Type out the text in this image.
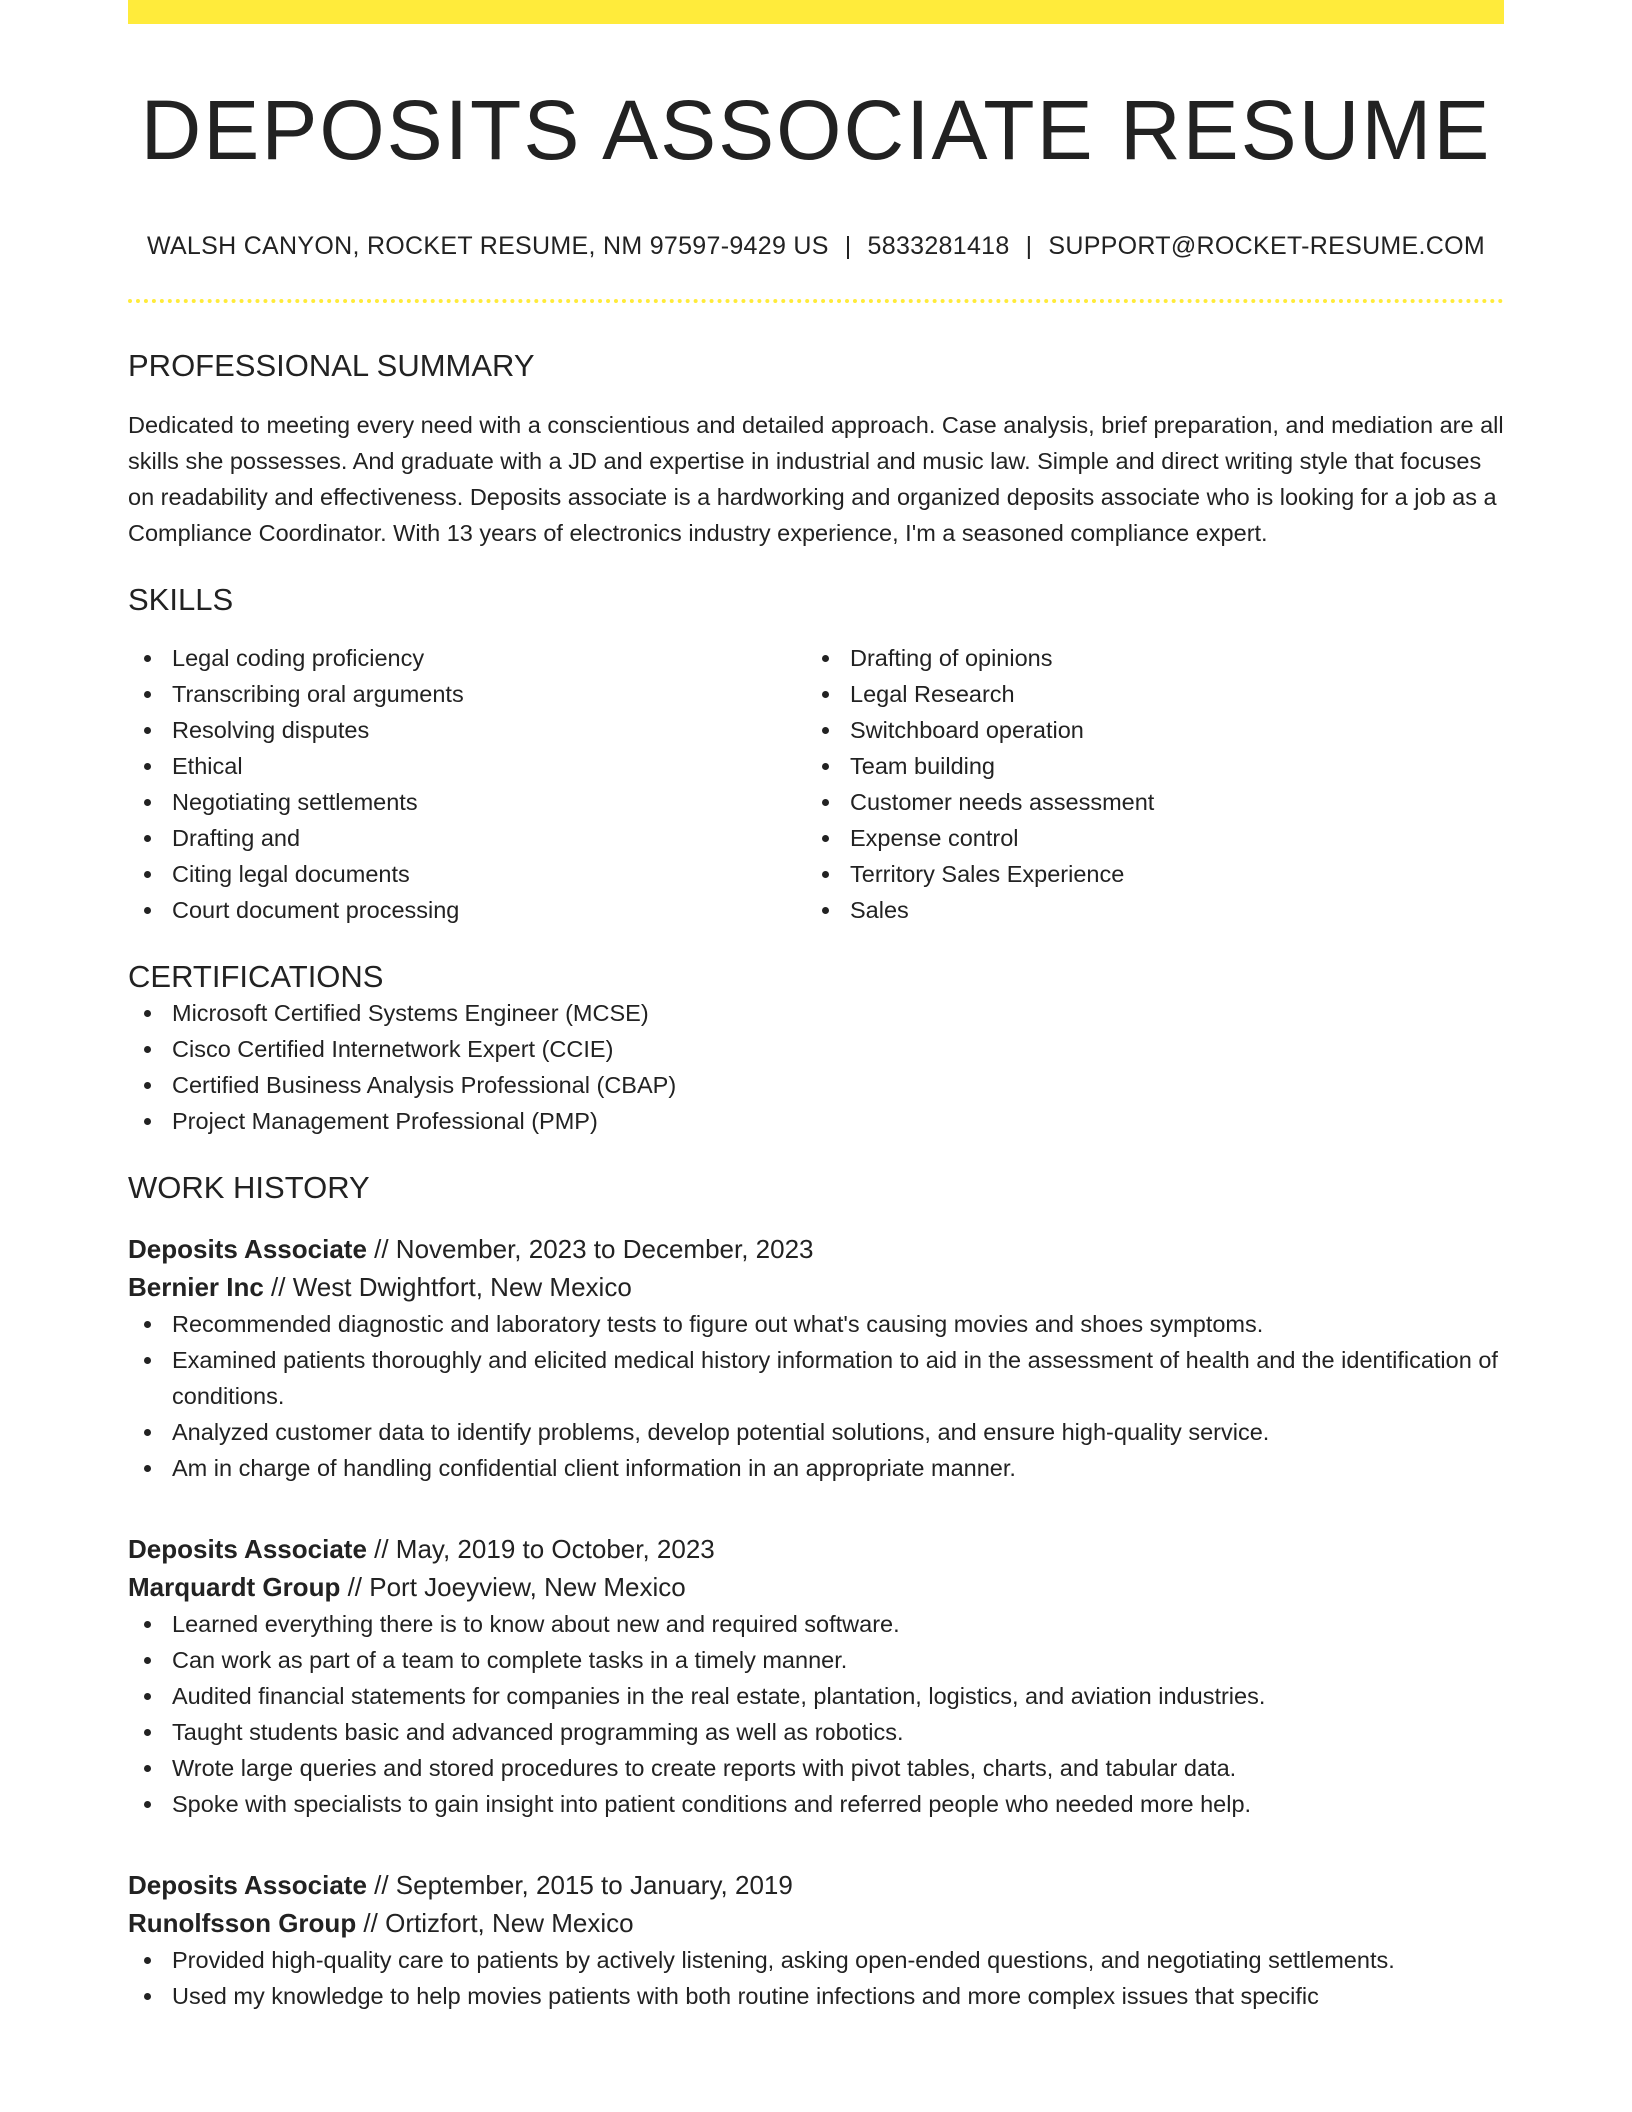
DEPOSITS ASSOCIATE RESUME
WALSH CANYON, ROCKET RESUME, NM 97597-9429 US | 5833281418 | SUPPORT@ROCKET-RESUME.COM
PROFESSIONAL SUMMARY

Dedicated to meeting every need with a conscientious and detailed approach. Case analysis, brief preparation, and mediation are all skills she possesses. And graduate with a JD and expertise in industrial and music law. Simple and direct writing style that focuses on readability and effectiveness. Deposits associate is a hardworking and organized deposits associate who is looking for a job as a Compliance Coordinator. With 13 years of electronics industry experience, I'm a seasoned compliance expert.

SKILLS
Legal coding proficiency
Transcribing oral arguments
Resolving disputes
Ethical
Negotiating settlements
Drafting and
Citing legal documents
Court document processing
Drafting of opinions
Legal Research
Switchboard operation
Team building
Customer needs assessment
Expense control
Territory Sales Experience
Sales
CERTIFICATIONS
Microsoft Certified Systems Engineer (MCSE)
Cisco Certified Internetwork Expert (CCIE)
Certified Business Analysis Professional (CBAP)
Project Management Professional (PMP)
WORK HISTORY
Deposits Associate // November, 2023 to December, 2023
Bernier Inc // West Dwightfort, New Mexico
Recommended diagnostic and laboratory tests to figure out what's causing movies and shoes symptoms.
Examined patients thoroughly and elicited medical history information to aid in the assessment of health and the identification of conditions.
Analyzed customer data to identify problems, develop potential solutions, and ensure high-quality service.
Am in charge of handling confidential client information in an appropriate manner.
Deposits Associate // May, 2019 to October, 2023
Marquardt Group // Port Joeyview, New Mexico
Learned everything there is to know about new and required software.
Can work as part of a team to complete tasks in a timely manner.
Audited financial statements for companies in the real estate, plantation, logistics, and aviation industries.
Taught students basic and advanced programming as well as robotics.
Wrote large queries and stored procedures to create reports with pivot tables, charts, and tabular data.
Spoke with specialists to gain insight into patient conditions and referred people who needed more help.
Deposits Associate // September, 2015 to January, 2019
Runolfsson Group // Ortizfort, New Mexico
Provided high-quality care to patients by actively listening, asking open-ended questions, and negotiating settlements.
Used my knowledge to help movies patients with both routine infections and more complex issues that specific
